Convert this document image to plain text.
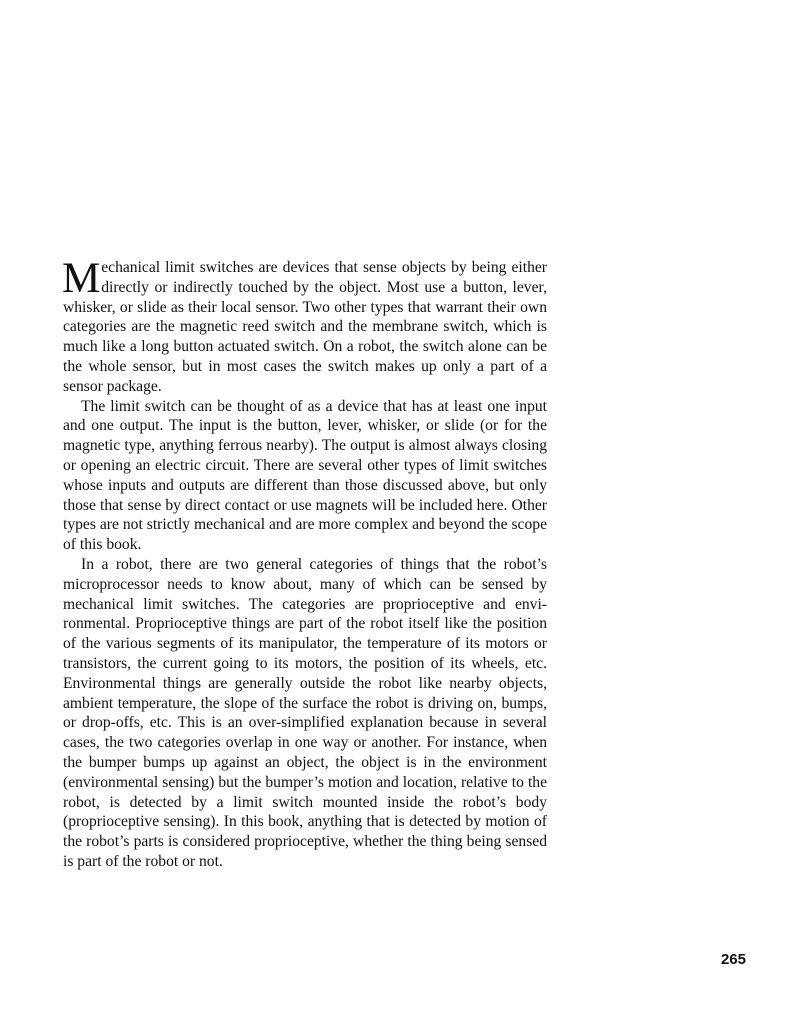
Mechanical limit switches are devices that sense objects by being either directly or indirectly touched by the object. Most use a button, lever, whisker, or slide as their local sensor. Two other types that warrant their own categories are the magnetic reed switch and the membrane switch, which is much like a long button actuated switch. On a robot, the switch alone can be the whole sensor, but in most cases the switch makes up only a part of a sensor package.

The limit switch can be thought of as a device that has at least one input and one output. The input is the button, lever, whisker, or slide (or for the magnetic type, anything ferrous nearby). The output is almost always closing or opening an electric circuit. There are several other types of limit switches whose inputs and outputs are different than those discussed above, but only those that sense by direct contact or use magnets will be included here. Other types are not strictly mechanical and are more complex and beyond the scope of this book.

In a robot, there are two general categories of things that the robot’s microprocessor needs to know about, many of which can be sensed by mechanical limit switches. The categories are proprioceptive and envi-ronmental. Proprioceptive things are part of the robot itself like the position of the various segments of its manipulator, the temperature of its motors or transistors, the current going to its motors, the position of its wheels, etc. Environmental things are generally outside the robot like nearby objects, ambient temperature, the slope of the surface the robot is driving on, bumps, or drop-offs, etc. This is an over-simplified explanation because in several cases, the two categories overlap in one way or another. For instance, when the bumper bumps up against an object, the object is in the environment (environmental sensing) but the bumper’s motion and location, relative to the robot, is detected by a limit switch mounted inside the robot’s body (proprioceptive sensing). In this book, anything that is detected by motion of the robot’s parts is considered proprioceptive, whether the thing being sensed is part of the robot or not.

265
